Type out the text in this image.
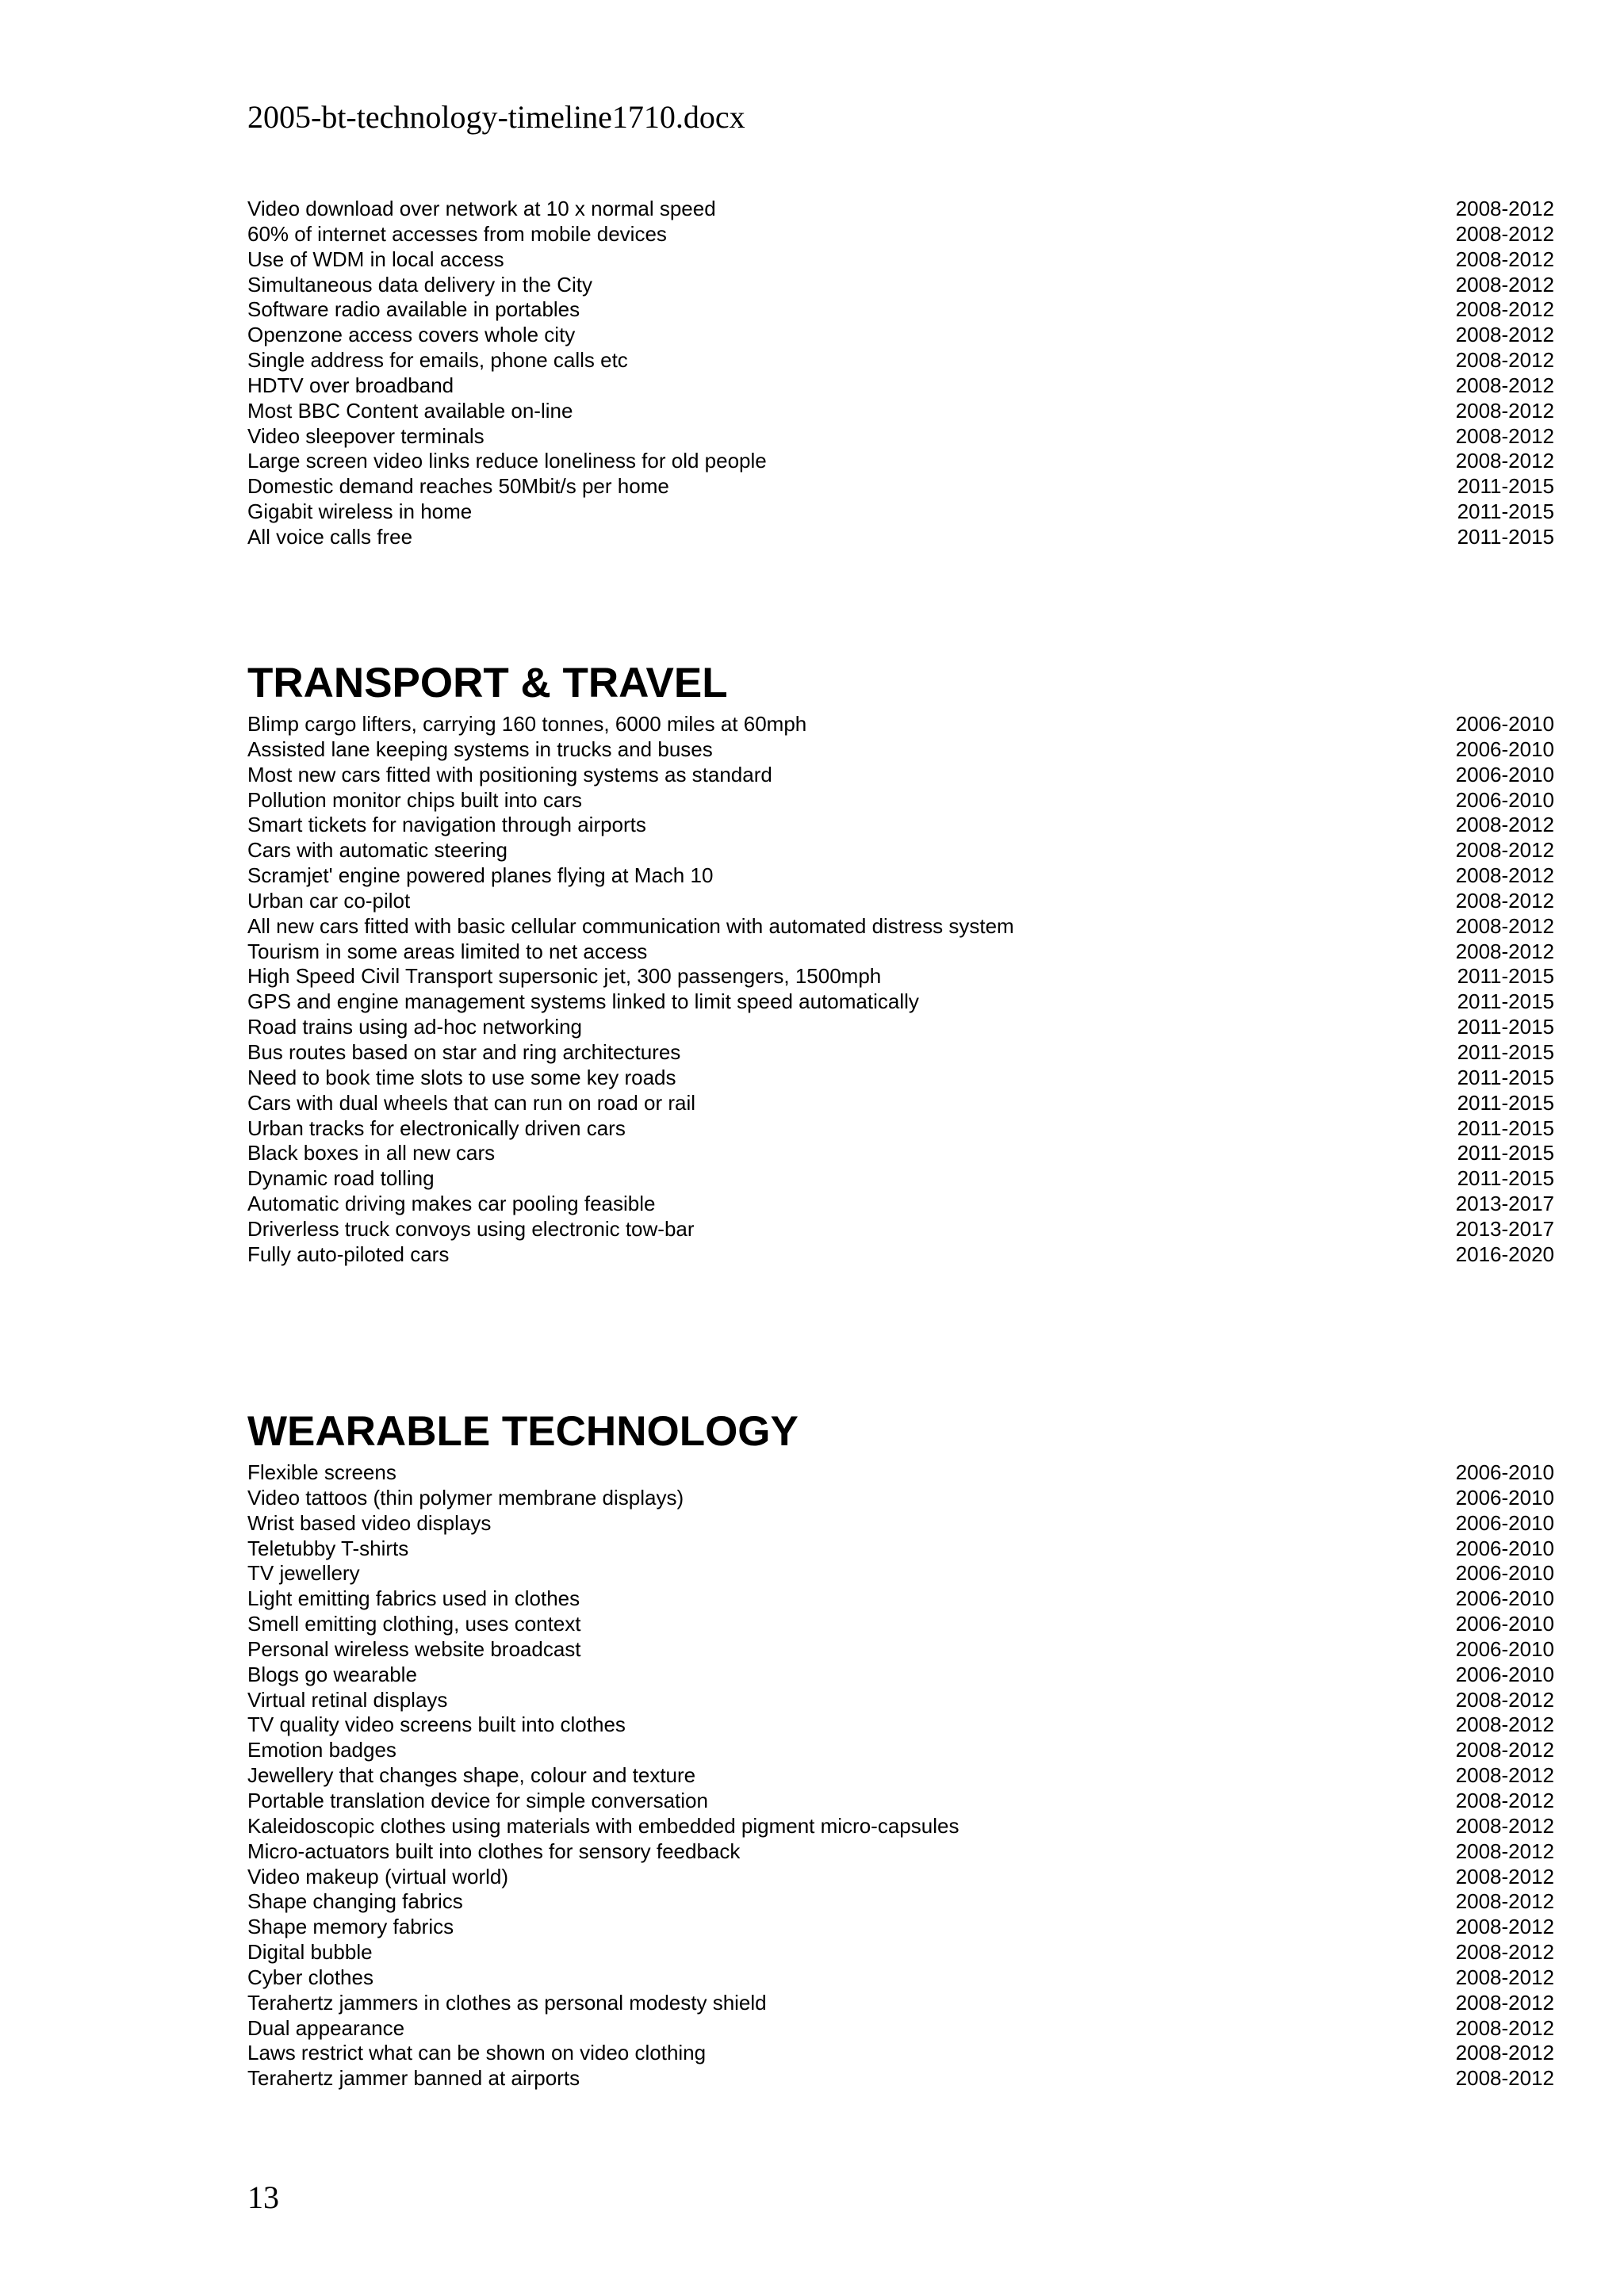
2005-bt-technology-timeline1710.docx
Video download over network at 10 x normal speed	2008-2012
60% of internet accesses from mobile devices	2008-2012
Use of WDM in local access	2008-2012
Simultaneous data delivery in the City	2008-2012
Software radio available in portables	2008-2012
Openzone access covers whole city	2008-2012
Single address for emails, phone calls etc	2008-2012
HDTV over broadband	2008-2012
Most BBC Content available on-line	2008-2012
Video sleepover terminals	2008-2012
Large screen video links reduce loneliness for old people	2008-2012
Domestic demand reaches 50Mbit/s per home	2011-2015
Gigabit wireless in home	2011-2015
All voice calls free	2011-2015
TRANSPORT & TRAVEL
Blimp cargo lifters, carrying 160 tonnes, 6000 miles at 60mph	2006-2010
Assisted lane keeping systems in trucks and buses	2006-2010
Most new cars fitted with positioning systems as standard	2006-2010
Pollution monitor chips built into cars	2006-2010
Smart tickets for navigation through airports	2008-2012
Cars with automatic steering	2008-2012
Scramjet' engine powered planes flying at Mach 10	2008-2012
Urban car co-pilot	2008-2012
All new cars fitted with basic cellular communication with automated distress system	2008-2012
Tourism in some areas limited to net access	2008-2012
High Speed Civil Transport supersonic jet, 300 passengers, 1500mph	2011-2015
GPS and engine management systems linked to limit speed automatically	2011-2015
Road trains using ad-hoc networking	2011-2015
Bus routes based on star and ring architectures	2011-2015
Need to book time slots to use some key roads	2011-2015
Cars with dual wheels that can run on road or rail	2011-2015
Urban tracks for electronically driven cars	2011-2015
Black boxes in all new cars	2011-2015
Dynamic road tolling	2011-2015
Automatic driving makes car pooling feasible	2013-2017
Driverless truck convoys using electronic tow-bar	2013-2017
Fully auto-piloted cars	2016-2020
WEARABLE TECHNOLOGY
Flexible screens	2006-2010
Video tattoos (thin polymer membrane displays)	2006-2010
Wrist based video displays	2006-2010
Teletubby T-shirts	2006-2010
TV jewellery	2006-2010
Light emitting fabrics used in clothes	2006-2010
Smell emitting clothing, uses context	2006-2010
Personal wireless website broadcast	2006-2010
Blogs go wearable	2006-2010
Virtual retinal displays	2008-2012
TV quality video screens built into clothes	2008-2012
Emotion badges	2008-2012
Jewellery that changes shape, colour and texture	2008-2012
Portable translation device for simple conversation	2008-2012
Kaleidoscopic clothes using materials with embedded pigment micro-capsules	2008-2012
Micro-actuators built into clothes for sensory feedback	2008-2012
Video makeup (virtual world)	2008-2012
Shape changing fabrics	2008-2012
Shape memory fabrics	2008-2012
Digital bubble	2008-2012
Cyber clothes	2008-2012
Terahertz jammers in clothes as personal modesty shield	2008-2012
Dual appearance	2008-2012
Laws restrict what can be shown on video clothing	2008-2012
Terahertz jammer banned at airports	2008-2012
13
